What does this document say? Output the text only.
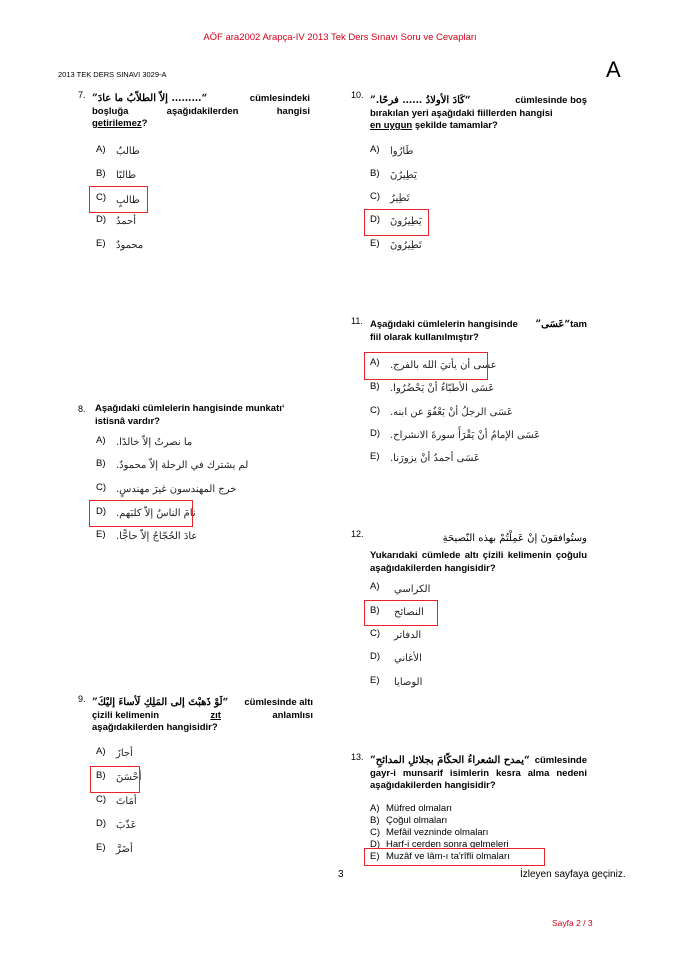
AÖF ara2002 Arapça-IV 2013 Tek Ders Sınavı Soru ve Cevapları
2013 TEK DERS SINAVI 3029-A	A
7. “……… إلاّ الطلاّبُ ما عادَ”	cümlesindeki
boşluğa aşağıdakilerden hangisi
getirilemez?
A)	طالبٌ
B)	طالبًا
C) طالبٍ
D) أحمدُ
E)	محمودٌ
8. Aşağıdaki cümlelerin hangisinde munkatı‘ istisnâ vardır?
A)	ما نصرتُ إلاّ خالدًا.
B)	لم يشترك في الرحلة إلاّ محمودٌ.
C) خرج المهندسون غيرَ مهندسٍ.
D) نامَ الناسُ إلاّ كلبَهم.
E)	عادَ الحُجّاجُ إلاّ حاجًّا.
9. “لَوْ ذَهبْتَ إلى المَلِكِ لَأساءَ إليْكَ” cümlesinde altı
çizili kelimenin	zıt	anlamlısı
aşağıdakilerden hangisidir?
A)	أجازَ
B)	أحْسَنَ
C) أمَاتَ
D) عَذّبَ
E)	أضَرَّ
10. “كَادَ الأولادُ …… فرحًا.”	cümlesinde boş
bırakılan yeri aşağıdaki fiillerden hangisi
en uygun şekilde tamamlar?
A)	طَارُوا
B)	يَطِيرُنَ
C) تَطِيرُ
D) يَطِيرُونَ
E)	تَطِيرُونَ
11. Aşağıdaki cümlelerin hangisinde “عَسَى”tam
fiil olarak kullanılmıştır?
A)	عسى أن يأتيَ الله بالفرج.
B)	عَسَى الأطبّاءُ أنْ يَحْضُرُوا.
C) عَسَى الرجلُ أنْ يَعْفُوَ عن ابنه.
D) عَسَى الإمامُ أنْ يَقْرَأَ سورةَ الانشراح.
E)	عَسَى أحمدُ أنْ يزورَنا.
12.	وستُوافقونَ إنْ عَمِلْتُمْ بهذه النّصيحَةِ
Yukarıdaki cümlede altı çizili kelimenin çoğulu aşağıdakilerden hangisidir?
A)	الكراسي
B)	النصائح
C)	الدفاتر
D)	الأغاني
E)	الوصايا
13. “يمدح الشعراءُ الحكّامَ بجلائلِ المدائحِ” cümlesinde
gayr-i munsarif isimlerin kesra alma nedeni aşağıdakilerden hangisidir?
A) Müfred olmaları
B) Çoğul olmaları
C) Mefâil vezninde olmaları
D) Harf-i cerden sonra gelmeleri
E) Muzâf ve lâm-ı ta'rîfli olmaları
3	İzleyen sayfaya geçiniz.
Sayfa 2 / 3
